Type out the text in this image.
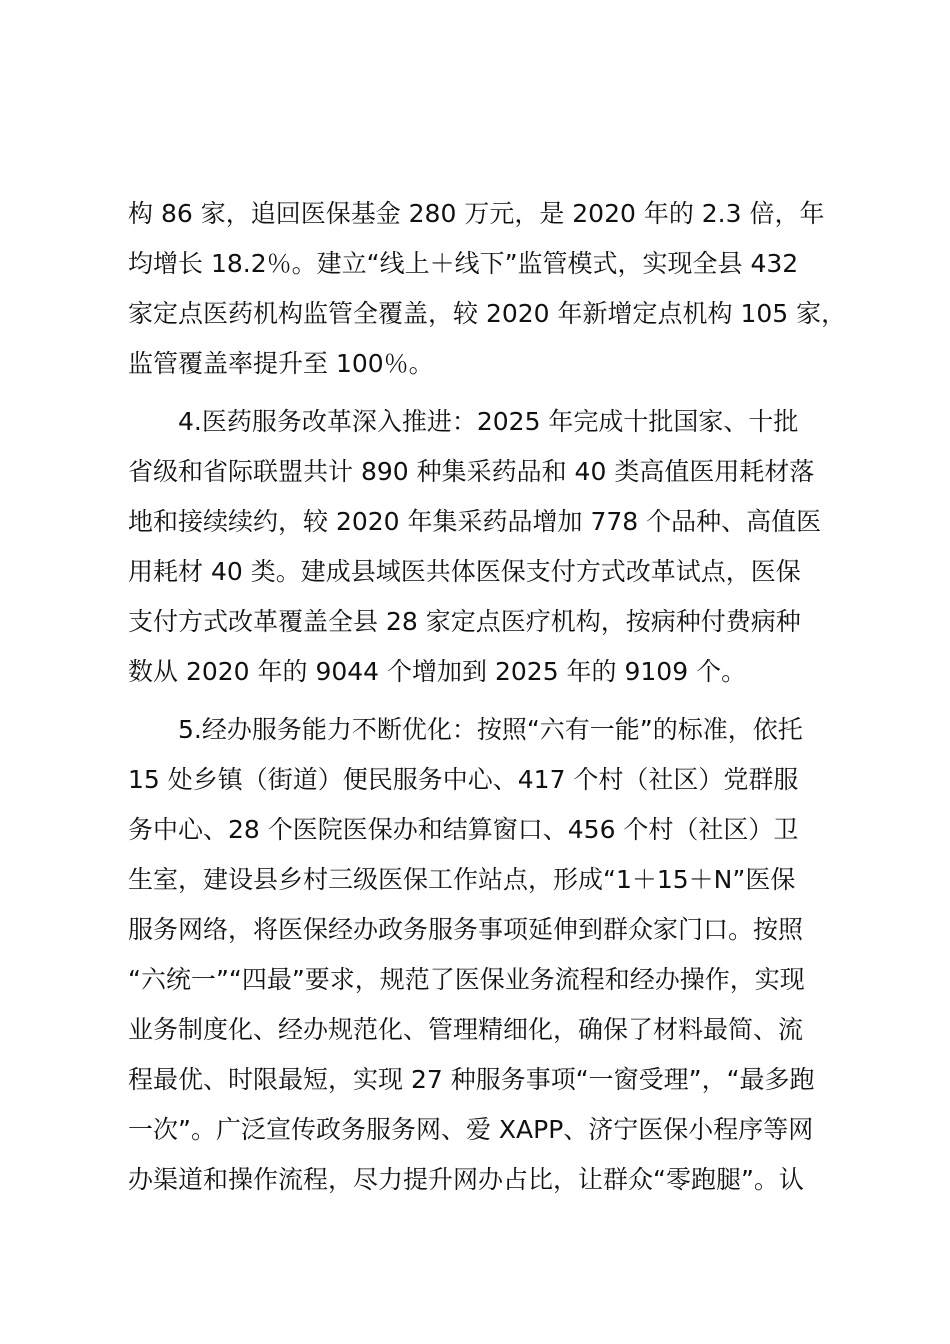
构 86 家，追回医保基金 280 万元，是 2020 年的 2.3 倍，年
均增长 18.2％。建立“线上＋线下”监管模式，实现全县 432
家定点医药机构监管全覆盖，较 2020 年新增定点机构 105 家，
监管覆盖率提升至 100％。
4.医药服务改革深入推进：2025 年完成十批国家、十批
省级和省际联盟共计 890 种集采药品和 40 类高值医用耗材落
地和接续续约，较 2020 年集采药品增加 778 个品种、高值医
用耗材 40 类。建成县域医共体医保支付方式改革试点，医保
支付方式改革覆盖全县 28 家定点医疗机构，按病种付费病种
数从 2020 年的 9044 个增加到 2025 年的 9109 个。
5.经办服务能力不断优化：按照“六有一能”的标准，依托
15 处乡镇（街道）便民服务中心、417 个村（社区）党群服
务中心、28 个医院医保办和结算窗口、456 个村（社区）卫
生室，建设县乡村三级医保工作站点，形成“1＋15＋N”医保
服务网络，将医保经办政务服务事项延伸到群众家门口。按照
“六统一”“四最”要求，规范了医保业务流程和经办操作，实现
业务制度化、经办规范化、管理精细化，确保了材料最简、流
程最优、时限最短，实现 27 种服务事项“一窗受理”，“最多跑
一次”。广泛宣传政务服务网、爱 XAPP、济宁医保小程序等网
办渠道和操作流程，尽力提升网办占比，让群众“零跑腿”。认
